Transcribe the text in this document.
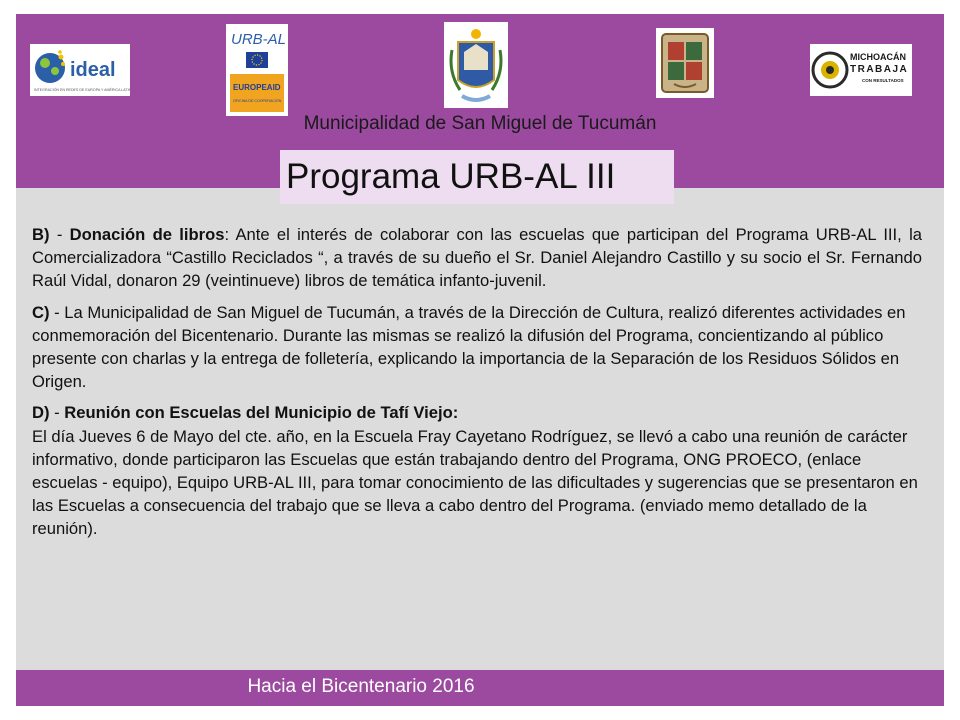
ideal
INTEGRACIÓN EN REDES DE EUROPA Y AMÉRICA LATINA
URB-AL
EUROPEAID
OFICINA DE COOPERACIÓN
MICHOACÁN
TRABAJA
CON RESULTADOS
Municipalidad de San Miguel de Tucumán
Programa URB-AL III

B) - Donación de libros: Ante el interés de colaborar con las escuelas que participan del Programa URB-AL III, la Comercializadora “Castillo Reciclados “, a través de su dueño el Sr. Daniel Alejandro Castillo y su socio el Sr. Fernando Raúl Vidal, donaron 29 (veintinueve) libros de temática infanto-juvenil.

C) - La Municipalidad de San Miguel de Tucumán, a través de la Dirección de Cultura, realizó diferentes actividades en conmemoración del Bicentenario. Durante las mismas se realizó la difusión del Programa, concientizando al público presente con charlas y la entrega de folletería, explicando la importancia de la Separación de los Residuos Sólidos en Origen.

D) - Reunión con Escuelas del Municipio de Tafí Viejo:
El día Jueves 6 de Mayo del cte. año, en la Escuela Fray Cayetano Rodríguez, se llevó a cabo una reunión de carácter informativo, donde participaron las Escuelas que están trabajando dentro del Programa, ONG PROECO, (enlace escuelas - equipo), Equipo URB-AL III, para tomar conocimiento de las dificultades y sugerencias que se presentaron en las Escuelas a consecuencia del trabajo que se lleva a cabo dentro del Programa. (enviado memo detallado de la reunión).

Hacia el Bicentenario 2016
